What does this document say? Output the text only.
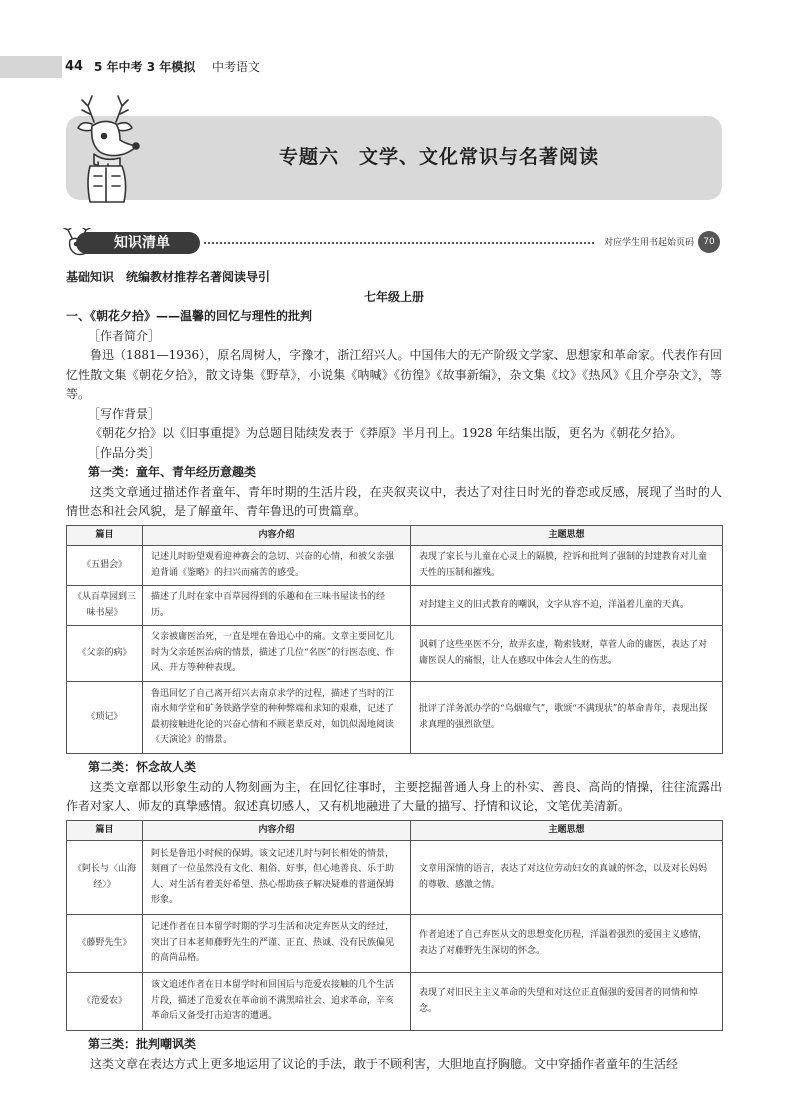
44 5 年中考 3 年模拟 中考语文
专题六　文学、文化常识与名著阅读
知识清单	对应学生用书起始页码	70
基础知识　统编教材推荐名著阅读导引
七年级上册
一、《朝花夕拾》——温馨的回忆与理性的批判
［作者简介］
鲁迅（1881—1936），原名周树人，字豫才，浙江绍兴人。中国伟大的无产阶级文学家、思想家和革命家。代表作有回忆性散文集《朝花夕拾》，散文诗集《野草》，小说集《呐喊》《彷徨》《故事新编》，杂文集《坟》《热风》《且介亭杂文》，等等。
［写作背景］
《朝花夕拾》以《旧事重提》为总题目陆续发表于《莽原》半月刊上。1928 年结集出版，更名为《朝花夕拾》。
［作品分类］
第一类：童年、青年经历意趣类
这类文章通过描述作者童年、青年时期的生活片段，在夹叙夹议中，表达了对往日时光的眷恋或反感，展现了当时的人情世态和社会风貌，是了解童年、青年鲁迅的可贵篇章。
篇目	内容介绍	主题思想
《五猖会》	记述儿时盼望观看迎神赛会的急切、兴奋的心情，和被父亲强迫背诵《鉴略》的扫兴而痛苦的感受。	表现了家长与儿童在心灵上的隔膜，控诉和批判了强制的封建教育对儿童天性的压制和摧残。
《从百草园到三味书屋》	描述了儿时在家中百草园得到的乐趣和在三味书屋读书的经历。	对封建主义的旧式教育的嘲讽，文字从容不迫，洋溢着儿童的天真。
《父亲的病》	父亲被庸医治死，一直是埋在鲁迅心中的痛。文章主要回忆儿时为父亲延医治病的情景，描述了几位“名医”的行医态度、作风、开方等种种表现。	讽刺了这些巫医不分，故弄玄虚，勒索钱财，草菅人命的庸医，表达了对庸医误人的痛恨，让人在感叹中体会人生的伤悲。
《琐记》	鲁迅回忆了自己离开绍兴去南京求学的过程，描述了当时的江南水师学堂和矿务铁路学堂的种种弊端和求知的艰难，记述了最初接触进化论的兴奋心情和不顾老辈反对，如饥似渴地阅读《天演论》的情景。	批评了洋务派办学的“乌烟瘴气”，歌颂“不满现状”的革命青年，表现出探求真理的强烈欲望。
第二类：怀念故人类
这类文章都以形象生动的人物刻画为主，在回忆往事时，主要挖掘普通人身上的朴实、善良、高尚的情操，往往流露出作者对家人、师友的真挚感情。叙述真切感人，又有机地融进了大量的描写、抒情和议论，文笔优美清新。
篇目	内容介绍	主题思想
《阿长与〈山海经〉》	阿长是鲁迅小时候的保姆。该文记述儿时与阿长相处的情景，刻画了一位虽然没有文化、粗俗、好事，但心地善良、乐于助人、对生活有着美好希望、热心帮助孩子解决疑难的普通保姆形象。	文章用深情的语言，表达了对这位劳动妇女的真诚的怀念，以及对长妈妈的尊敬、感激之情。
《藤野先生》	记述作者在日本留学时期的学习生活和决定弃医从文的经过，突出了日本老师藤野先生的严谨、正直、热诚、没有民族偏见的高尚品格。	作者追述了自己弃医从文的思想变化历程，洋溢着强烈的爱国主义感情，表达了对藤野先生深切的怀念。
《范爱农》	该文追述作者在日本留学时和回国后与范爱农接触的几个生活片段，描述了范爱农在革命前不满黑暗社会、追求革命，辛亥革命后又备受打击迫害的遭遇。	表现了对旧民主主义革命的失望和对这位正直倔强的爱国者的同情和悼念。
第三类：批判嘲讽类
这类文章在表达方式上更多地运用了议论的手法，敢于不顾利害，大胆地直抒胸臆。文中穿插作者童年的生活经
